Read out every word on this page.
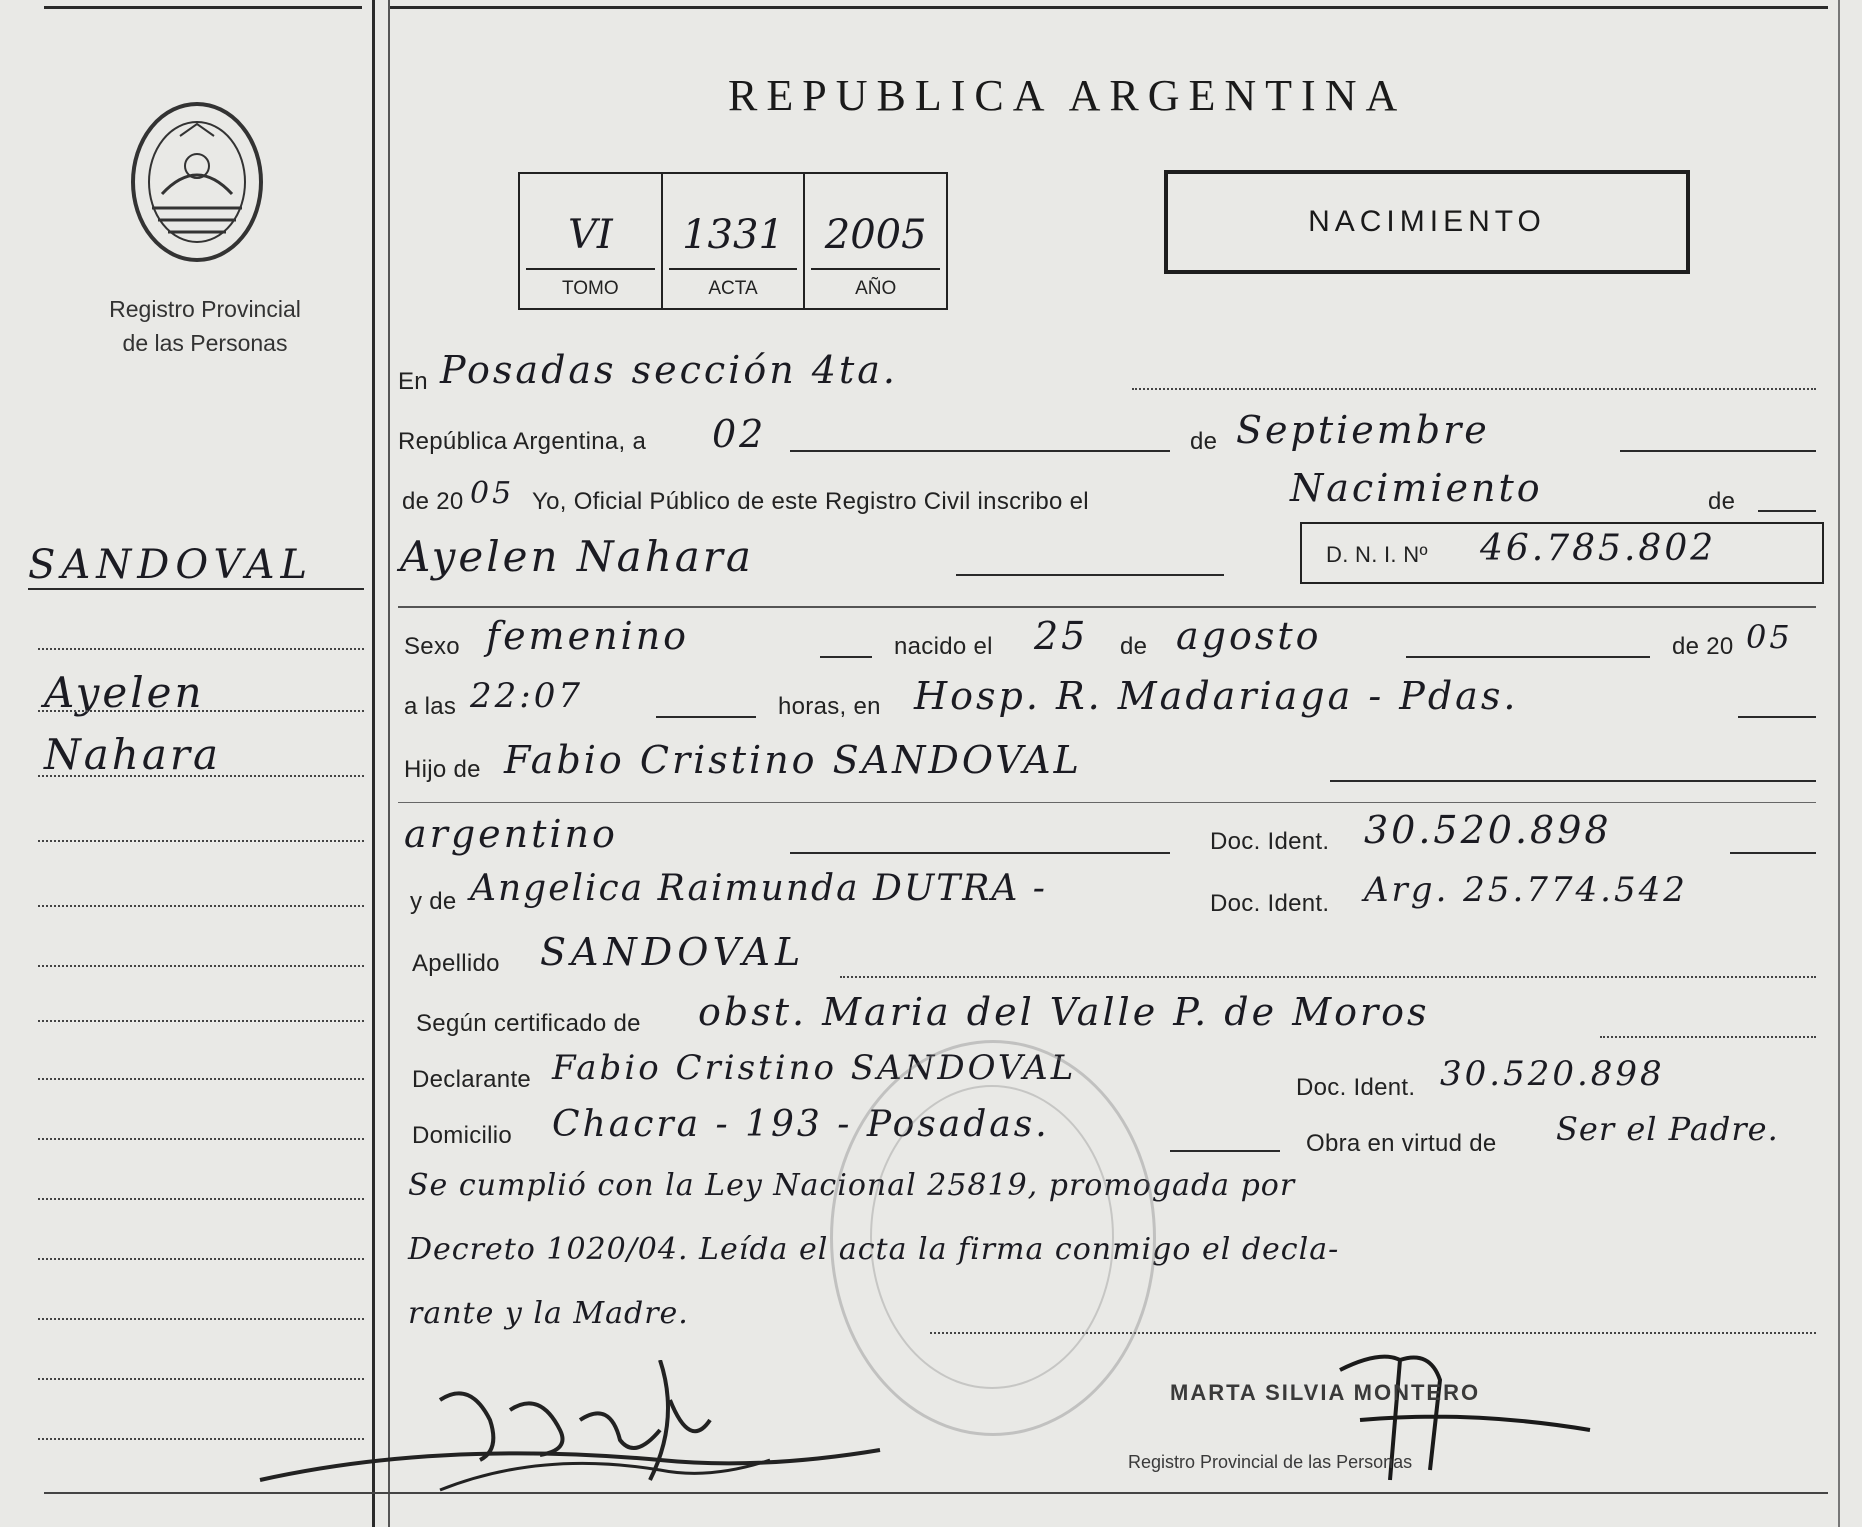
Registro Provincial
de las Personas
SANDOVAL
Ayelen
Nahara
REPUBLICA ARGENTINA
VI
TOMO
1331
ACTA
2005
AÑO
NACIMIENTO
En Posadas sección 4ta.
República Argentina, a 02	de Septiembre
de 20 05 Yo, Oficial Público de este Registro Civil inscribo el	Nacimiento	de
Ayelen Nahara	D. N. I. Nº 46.785.802
Sexo femenino	nacido el 25 de agosto	de 20 05
a las 22:07	horas, en Hosp. R. Madariaga - Pdas.
Hijo de Fabio Cristino SANDOVAL
argentino	Doc. Ident. 30.520.898
y de Angelica Raimunda DUTRA -	Doc. Ident. Arg. 25.774.542
Apellido SANDOVAL
Según certificado de obst. Maria del Valle P. de Moros
Declarante Fabio Cristino SANDOVAL	Doc. Ident. 30.520.898
Domicilio Chacra - 193 - Posadas.	Obra en virtud de Ser el Padre.
Se cumplió con la Ley Nacional 25819, promogada por
Decreto 1020/04. Leída el acta la firma conmigo el decla-
rante y la Madre.
MARTA SILVIA MONTERO
Registro Provincial de las Personas
